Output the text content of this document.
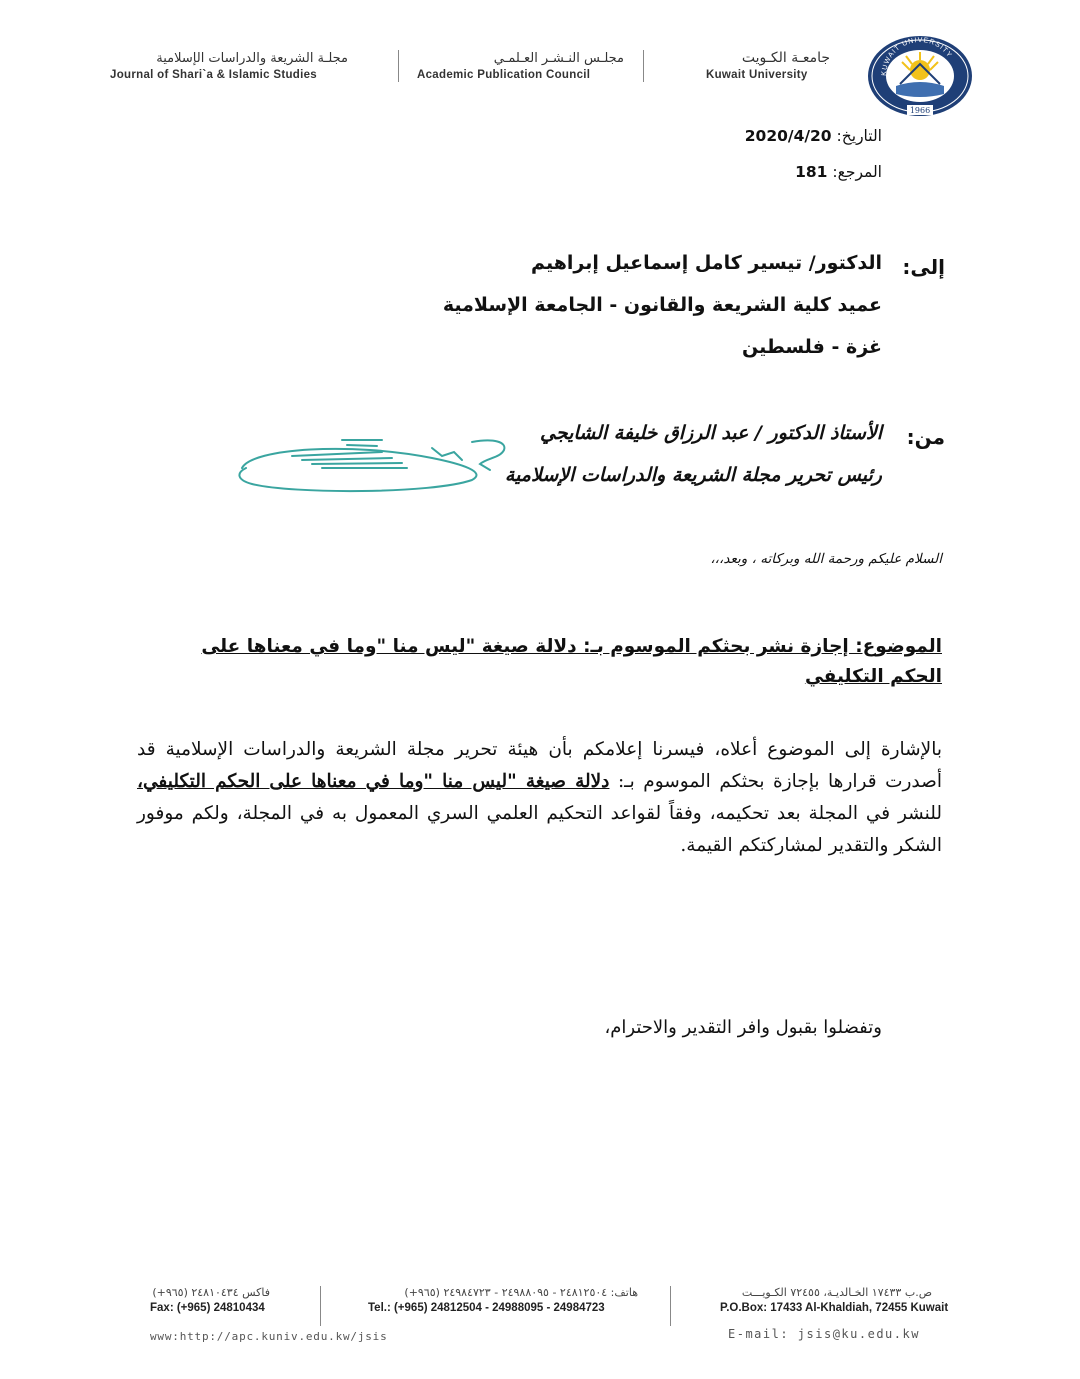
KUWAIT UNIVERSITY
1966
جامعـة الكـويت
Kuwait University
مجلـس النـشـر العـلمـي
Academic Publication Council
مجلـة الشريعة والدراسات الإسلامية
Journal of Shari`a & Islamic Studies
التاريخ: 2020/4/20
المرجع: 181
إلى:
الدكتور/ تيسير كامل إسماعيل إبراهيم
عميد كلية الشريعة والقانون - الجامعة الإسلامية
غزة - فلسطين
من:
الأستاذ الدكتور / عبد الرزاق خليفة الشايجي
رئيس تحرير مجلة الشريعة والدراسات الإسلامية
السلام عليكم ورحمة الله وبركاته ، وبعد،،،
الموضوع: إجازة نشر بحثكم الموسوم بـ: دلالة صيغة "ليس منا "وما في معناها على الحكم التكليفي
بالإشارة إلى الموضوع أعلاه، فيسرنا إعلامكم بأن هيئة تحرير مجلة الشريعة والدراسات الإسلامية قد أصدرت قرارها بإجازة بحثكم الموسوم بـ: دلالة صيغة "ليس منا "وما في معناها على الحكم التكليفي، للنشر في المجلة بعد تحكيمه، وفقاً لقواعد التحكيم العلمي السري المعمول به في المجلة، ولكم موفور الشكر والتقدير لمشاركتكم القيمة.
وتفضلوا بقبول وافر التقدير والاحترام،
ص.ب ١٧٤٣٣ الخـالديـة، ٧٢٤٥٥ الكـويـــت
P.O.Box: 17433 Al-Khaldiah, 72455 Kuwait
E-mail: jsis@ku.edu.kw
هاتف: ٢٤٨١٢٥٠٤ - ٢٤٩٨٨٠٩٥ - ٢٤٩٨٤٧٢٣ (٩٦٥+)
Tel.: (+965) 24812504 - 24988095 - 24984723
فاكس ٢٤٨١٠٤٣٤ (٩٦٥+)
Fax: (+965) 24810434
www:http://apc.kuniv.edu.kw/jsis
